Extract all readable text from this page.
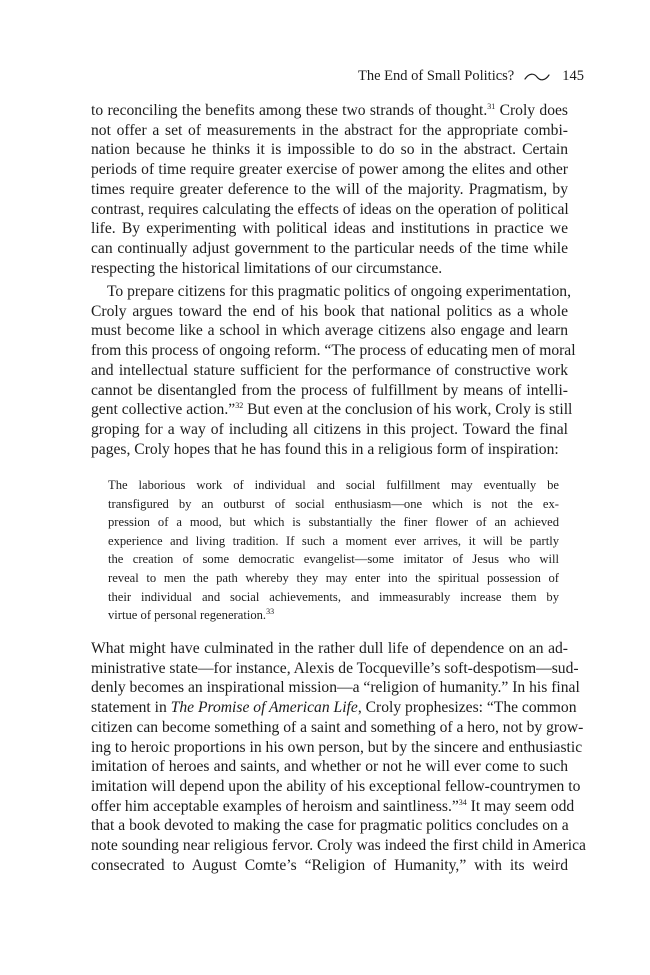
The End of Small Politics?	145
to reconciling the benefits among these two strands of thought.$^{31}$ Croly does
not offer a set of measurements in the abstract for the appropriate combi-
nation because he thinks it is impossible to do so in the abstract. Certain
periods of time require greater exercise of power among the elites and other
times require greater deference to the will of the majority. Pragmatism, by
contrast, requires calculating the effects of ideas on the operation of political
life. By experimenting with political ideas and institutions in practice we
can continually adjust government to the particular needs of the time while
respecting the historical limitations of our circumstance.
To prepare citizens for this pragmatic politics of ongoing experimentation,
Croly argues toward the end of his book that national politics as a whole
must become like a school in which average citizens also engage and learn
from this process of ongoing reform. “The process of educating men of moral
and intellectual stature sufficient for the performance of constructive work
cannot be disentangled from the process of fulfillment by means of intelli-
gent collective action.”$^{32}$ But even at the conclusion of his work, Croly is still
groping for a way of including all citizens in this project. Toward the final
pages, Croly hopes that he has found this in a religious form of inspiration:
The laborious work of individual and social fulfillment may eventually be
transfigured by an outburst of social enthusiasm—one which is not the ex-
pression of a mood, but which is substantially the finer flower of an achieved
experience and living tradition. If such a moment ever arrives, it will be partly
the creation of some democratic evangelist—some imitator of Jesus who will
reveal to men the path whereby they may enter into the spiritual possession of
their individual and social achievements, and immeasurably increase them by
virtue of personal regeneration.$^{33}$
What might have culminated in the rather dull life of dependence on an ad-
ministrative state—for instance, Alexis de Tocqueville’s soft-despotism—sud-
denly becomes an inspirational mission—a “religion of humanity.” In his final
statement in The Promise of American Life, Croly prophesizes: “The common
citizen can become something of a saint and something of a hero, not by grow-
ing to heroic proportions in his own person, but by the sincere and enthusiastic
imitation of heroes and saints, and whether or not he will ever come to such
imitation will depend upon the ability of his exceptional fellow-countrymen to
offer him acceptable examples of heroism and saintliness.”$^{34}$ It may seem odd
that a book devoted to making the case for pragmatic politics concludes on a
note sounding near religious fervor. Croly was indeed the first child in America
consecrated to August Comte’s “Religion of Humanity,” with its weird
